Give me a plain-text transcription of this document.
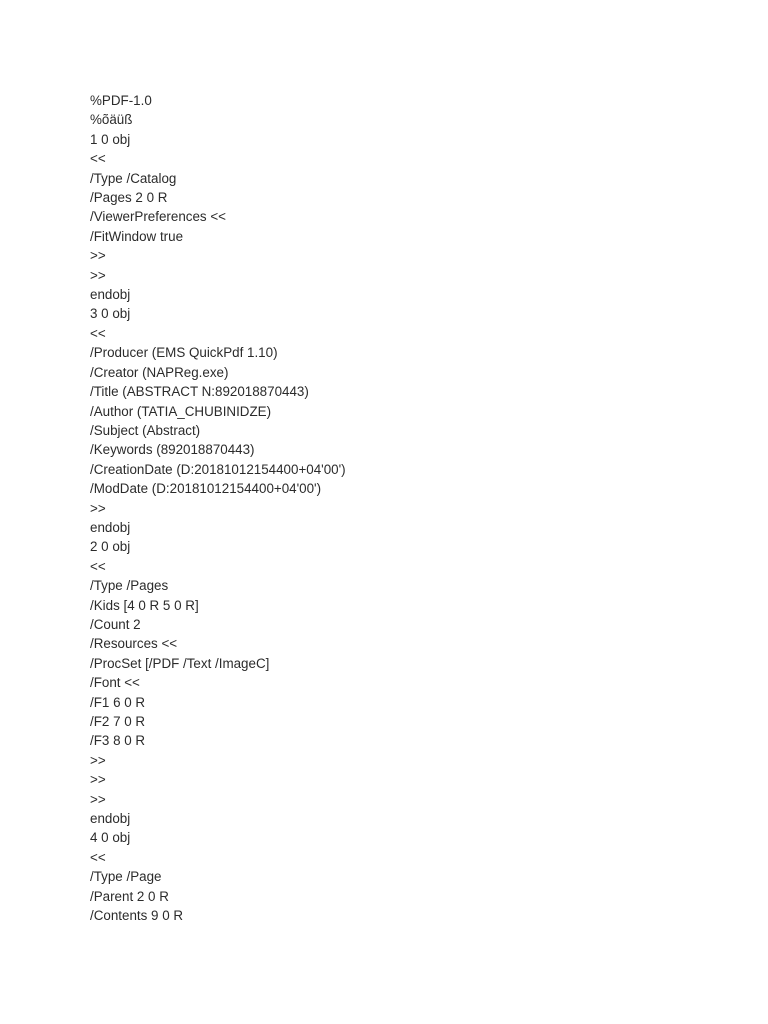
%PDF-1.0
%õäüß
1 0 obj
<<
/Type /Catalog
/Pages 2 0 R
/ViewerPreferences <<
/FitWindow true
>>
>>
endobj
3 0 obj
<<
/Producer (EMS QuickPdf 1.10)
/Creator (NAPReg.exe)
/Title (ABSTRACT N:892018870443)
/Author (TATIA_CHUBINIDZE)
/Subject (Abstract)
/Keywords (892018870443)
/CreationDate (D:20181012154400+04'00')
/ModDate (D:20181012154400+04'00')
>>
endobj
2 0 obj
<<
/Type /Pages
/Kids [4 0 R 5 0 R]
/Count 2
/Resources <<
/ProcSet [/PDF /Text /ImageC]
/Font <<
/F1 6 0 R
/F2 7 0 R
/F3 8 0 R
>>
>>
>>
endobj
4 0 obj
<<
/Type /Page
/Parent 2 0 R
/Contents 9 0 R
